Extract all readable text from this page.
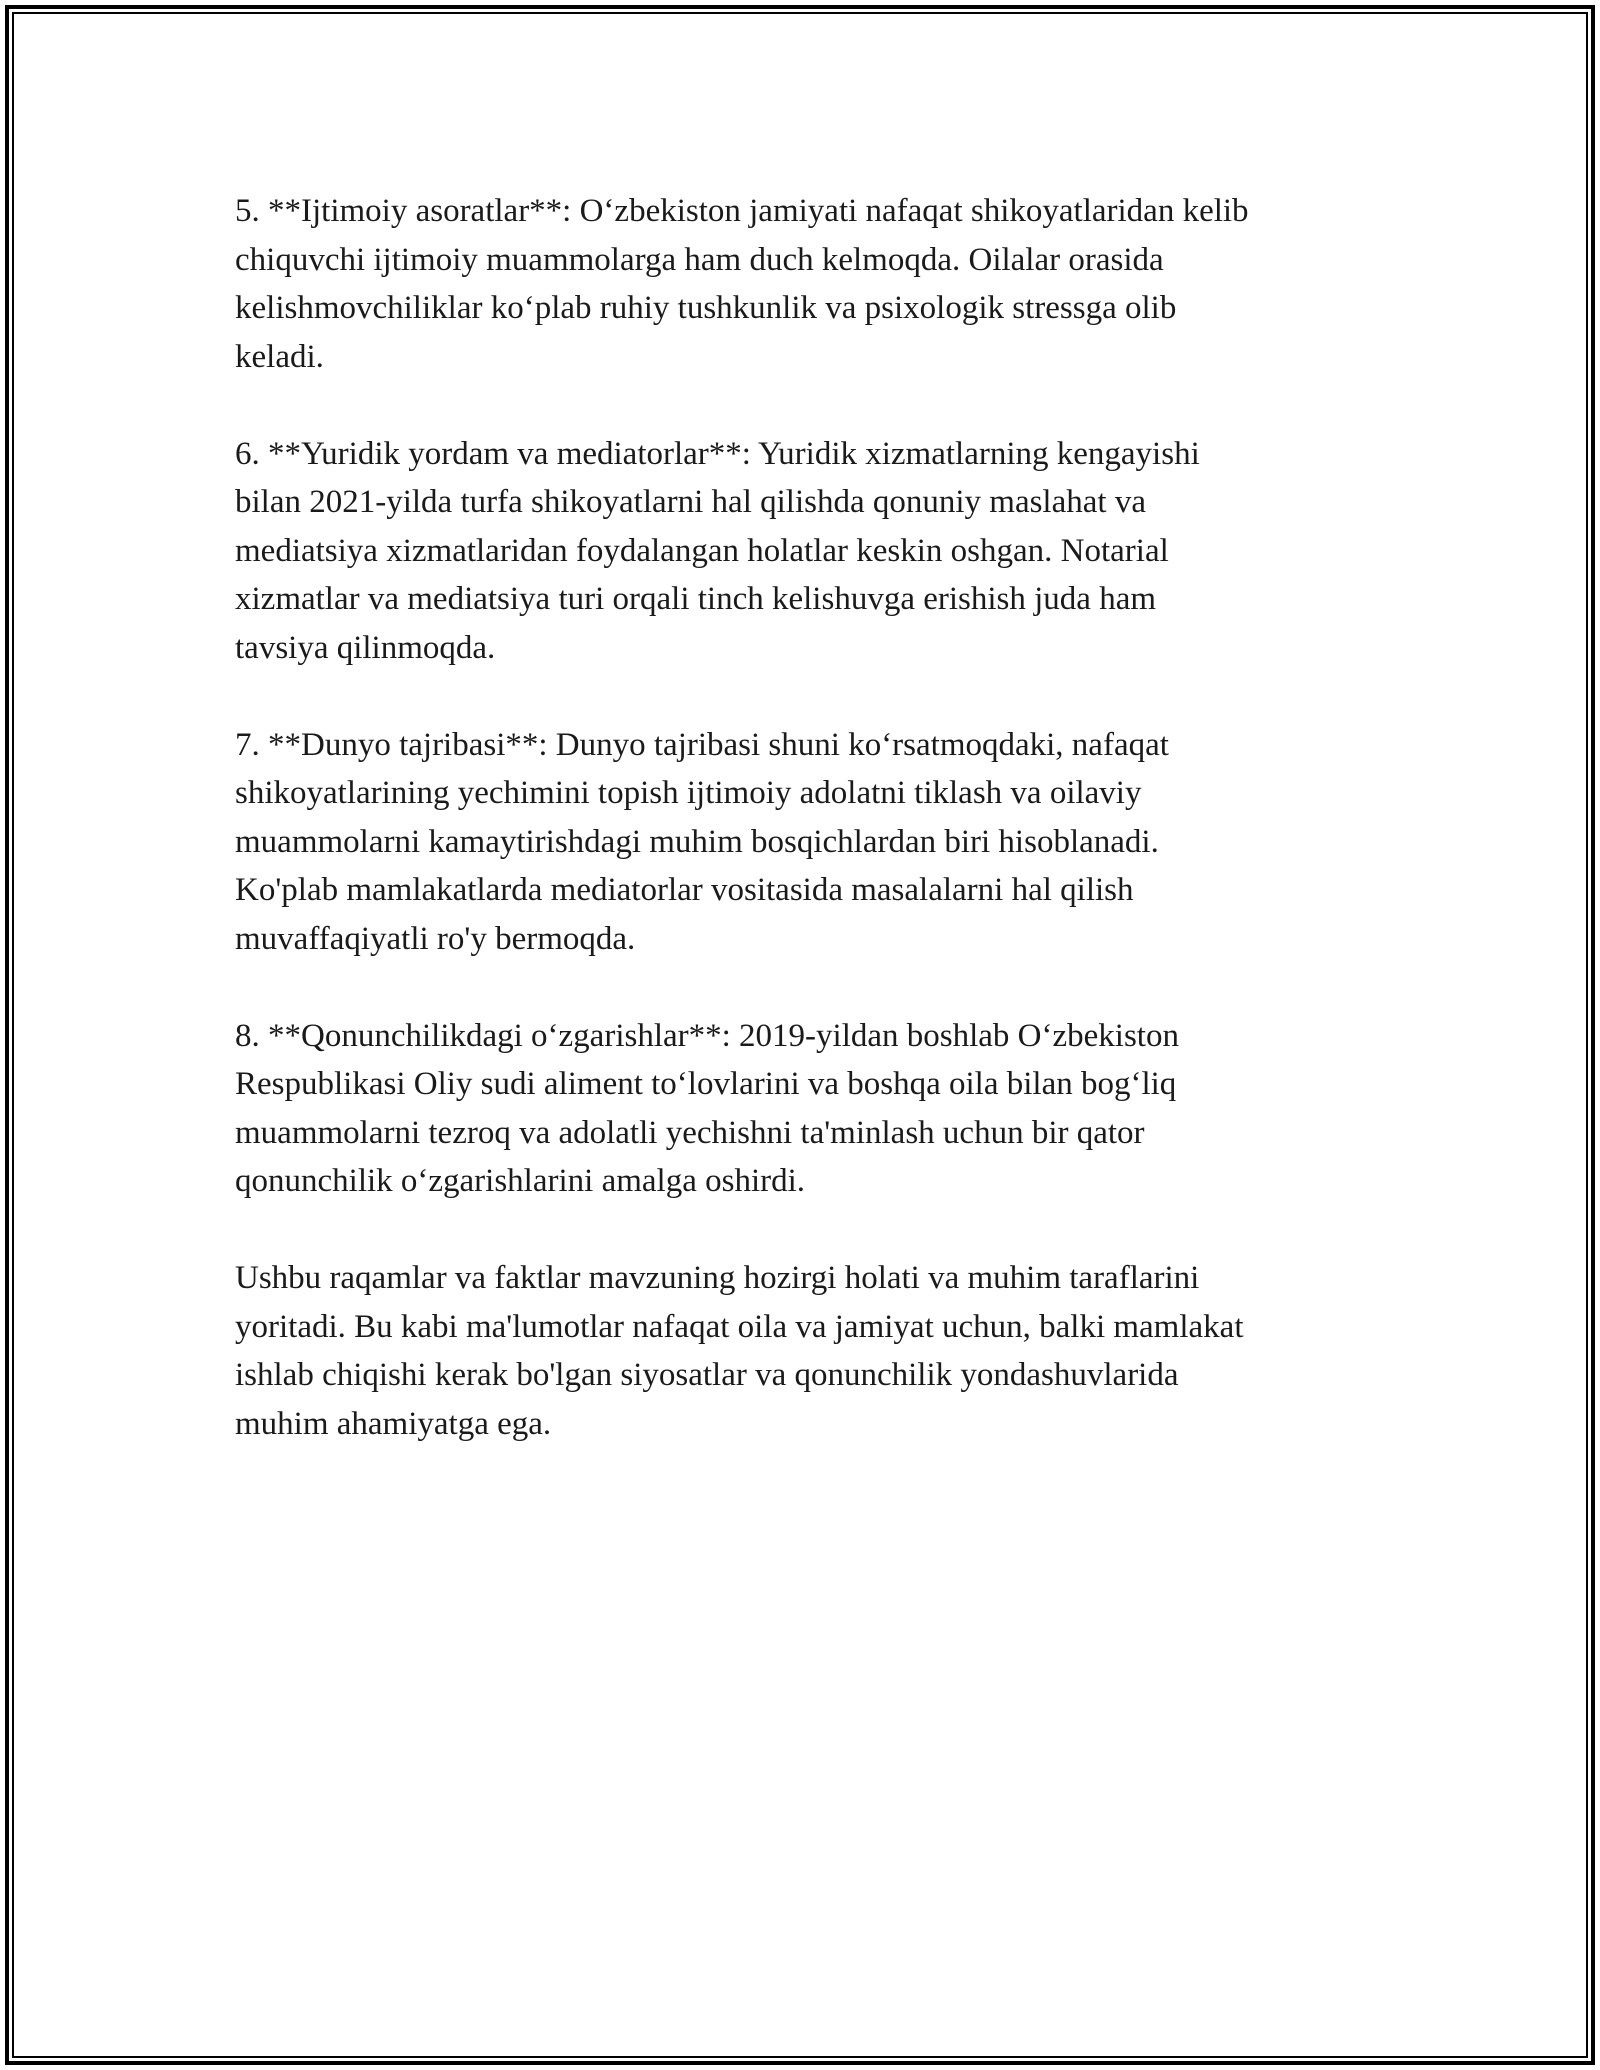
5. **Ijtimoiy asoratlar**: O‘zbekiston jamiyati nafaqat shikoyatlaridan kelib
chiquvchi ijtimoiy muammolarga ham duch kelmoqda. Oilalar orasida
kelishmovchiliklar ko‘plab ruhiy tushkunlik va psixologik stressga olib
keladi.

6. **Yuridik yordam va mediatorlar**: Yuridik xizmatlarning kengayishi
bilan 2021-yilda turfa shikoyatlarni hal qilishda qonuniy maslahat va
mediatsiya xizmatlaridan foydalangan holatlar keskin oshgan. Notarial
xizmatlar va mediatsiya turi orqali tinch kelishuvga erishish juda ham
tavsiya qilinmoqda.

7. **Dunyo tajribasi**: Dunyo tajribasi shuni ko‘rsatmoqdaki, nafaqat
shikoyatlarining yechimini topish ijtimoiy adolatni tiklash va oilaviy
muammolarni kamaytirishdagi muhim bosqichlardan biri hisoblanadi.
Ko'plab mamlakatlarda mediatorlar vositasida masalalarni hal qilish
muvaffaqiyatli ro'y bermoqda.

8. **Qonunchilikdagi o‘zgarishlar**: 2019-yildan boshlab O‘zbekiston
Respublikasi Oliy sudi aliment to‘lovlarini va boshqa oila bilan bog‘liq
muammolarni tezroq va adolatli yechishni ta'minlash uchun bir qator
qonunchilik o‘zgarishlarini amalga oshirdi.

Ushbu raqamlar va faktlar mavzuning hozirgi holati va muhim taraflarini
yoritadi. Bu kabi ma'lumotlar nafaqat oila va jamiyat uchun, balki mamlakat
ishlab chiqishi kerak bo'lgan siyosatlar va qonunchilik yondashuvlarida
muhim ahamiyatga ega.
